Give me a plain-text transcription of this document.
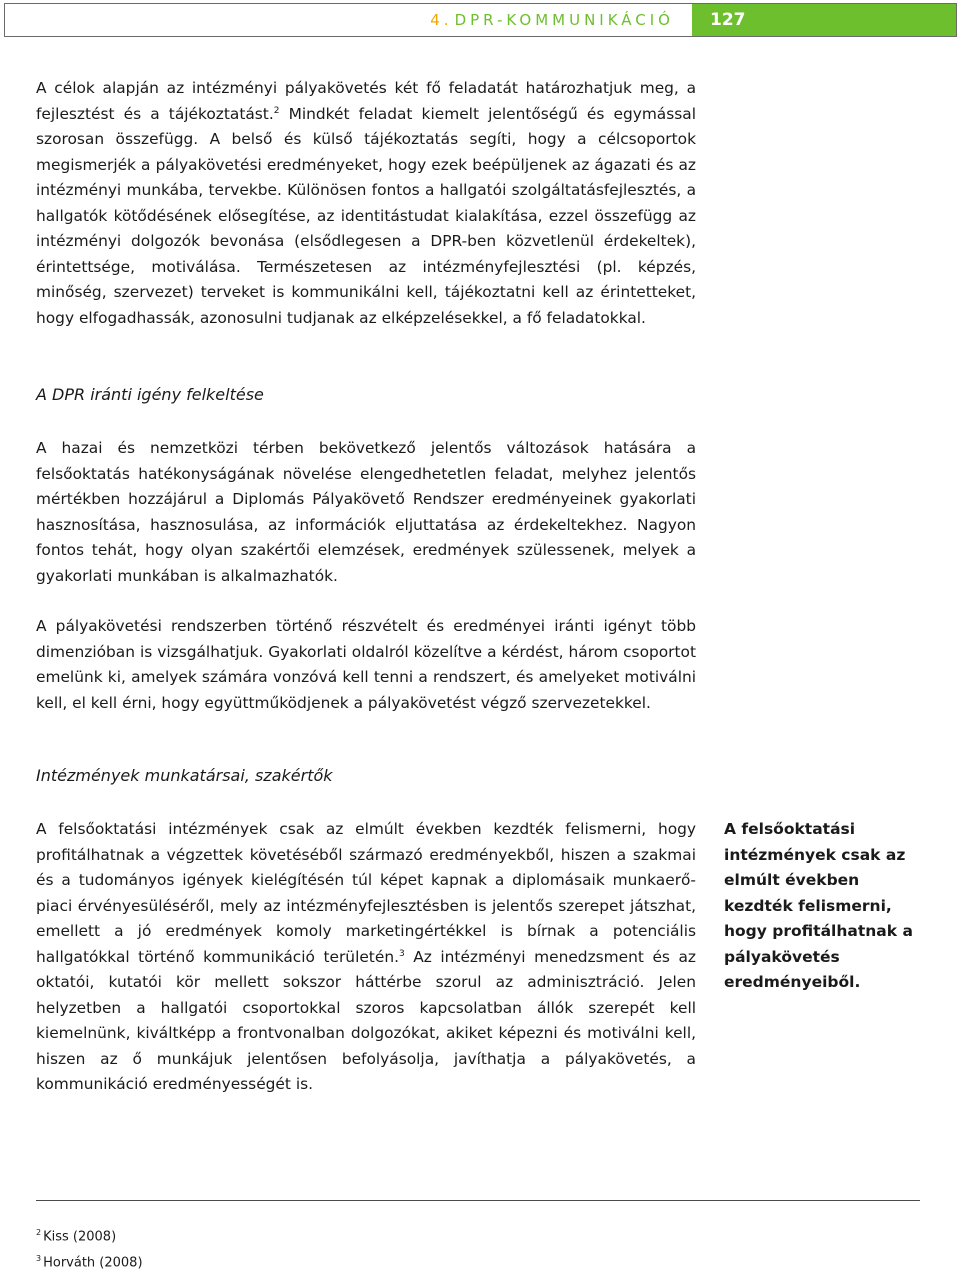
4. DPR-KOMMUNIKÁCIÓ	127

A célok alapján az intézményi pályakövetés két fő feladatát határozhatjuk meg, a fejlesztést és a tájékoztatást.$^2$ Mindkét feladat kiemelt jelentőségű és egymással szorosan összefügg. A belső és külső tájékoztatás segíti, hogy a célcsoportok megismerjék a pályakövetési eredményeket, hogy ezek beépüljenek az ágazati és az intézményi munkába, tervekbe. Különösen fontos a hallgatói szolgáltatásfejlesztés, a hallgatók kötődésének elősegítése, az identitástudat kialakítása, ezzel összefügg az intézményi dolgozók bevonása (elsődlegesen a DPR-ben közvetlenül érdekeltek), érintettsége, motiválása. Természetesen az intézményfejlesztési (pl. képzés, minőség, szervezet) terveket is kommunikálni kell, tájékoztatni kell az érintetteket, hogy elfogadhassák, azonosulni tudjanak az elképzelésekkel, a fő feladatokkal.

A DPR iránti igény felkeltése

A hazai és nemzetközi térben bekövetkező jelentős változások hatására a felsőoktatás hatékonyságának növelése elengedhetetlen feladat, melyhez jelentős mértékben hozzájárul a Diplomás Pályakövető Rendszer eredményeinek gyakorlati hasznosítása, hasznosulása, az információk eljuttatása az érdekeltekhez. Nagyon fontos tehát, hogy olyan szakértői elemzések, eredmények szülessenek, melyek a gyakorlati munkában is alkalmazhatók.

A pályakövetési rendszerben történő részvételt és eredményei iránti igényt több dimenzióban is vizsgálhatjuk. Gyakorlati oldalról közelítve a kérdést, három csoportot emelünk ki, amelyek számára vonzóvá kell tenni a rendszert, és amelyeket motiválni kell, el kell érni, hogy együttműködjenek a pályakövetést végző szervezetekkel.

Intézmények munkatársai, szakértők

A felsőoktatási intézmények csak az elmúlt években kezdték felismerni, hogy profitálhatnak a végzettek követéséből származó eredményekből, hiszen a szakmai és a tudományos igények kielégítésén túl képet kapnak a diplomásaik munkaerő-piaci érvényesüléséről, mely az intézményfejlesztésben is jelentős szerepet játszhat, emellett a jó eredmények komoly marketingértékkel is bírnak a potenciális hallgatókkal történő kommunikáció területén.$^3$ Az intézményi menedzsment és az oktatói, kutatói kör mellett sokszor háttérbe szorul az adminisztráció. Jelen helyzetben a hallgatói csoportokkal szoros kapcsolatban állók szerepét kell kiemelnünk, kiváltképp a frontvonalban dolgozókat, akiket képezni és motiválni kell, hiszen az ő munkájuk jelentősen befolyásolja, javíthatja a pályakövetés, a kommunikáció eredményességét is.

A felsőoktatási intézmények csak az elmúlt években kezdték felismerni, hogy profitálhatnak a pályakövetés eredményeiből.

$^2$ Kiss (2008)

$^3$ Horváth (2008)
